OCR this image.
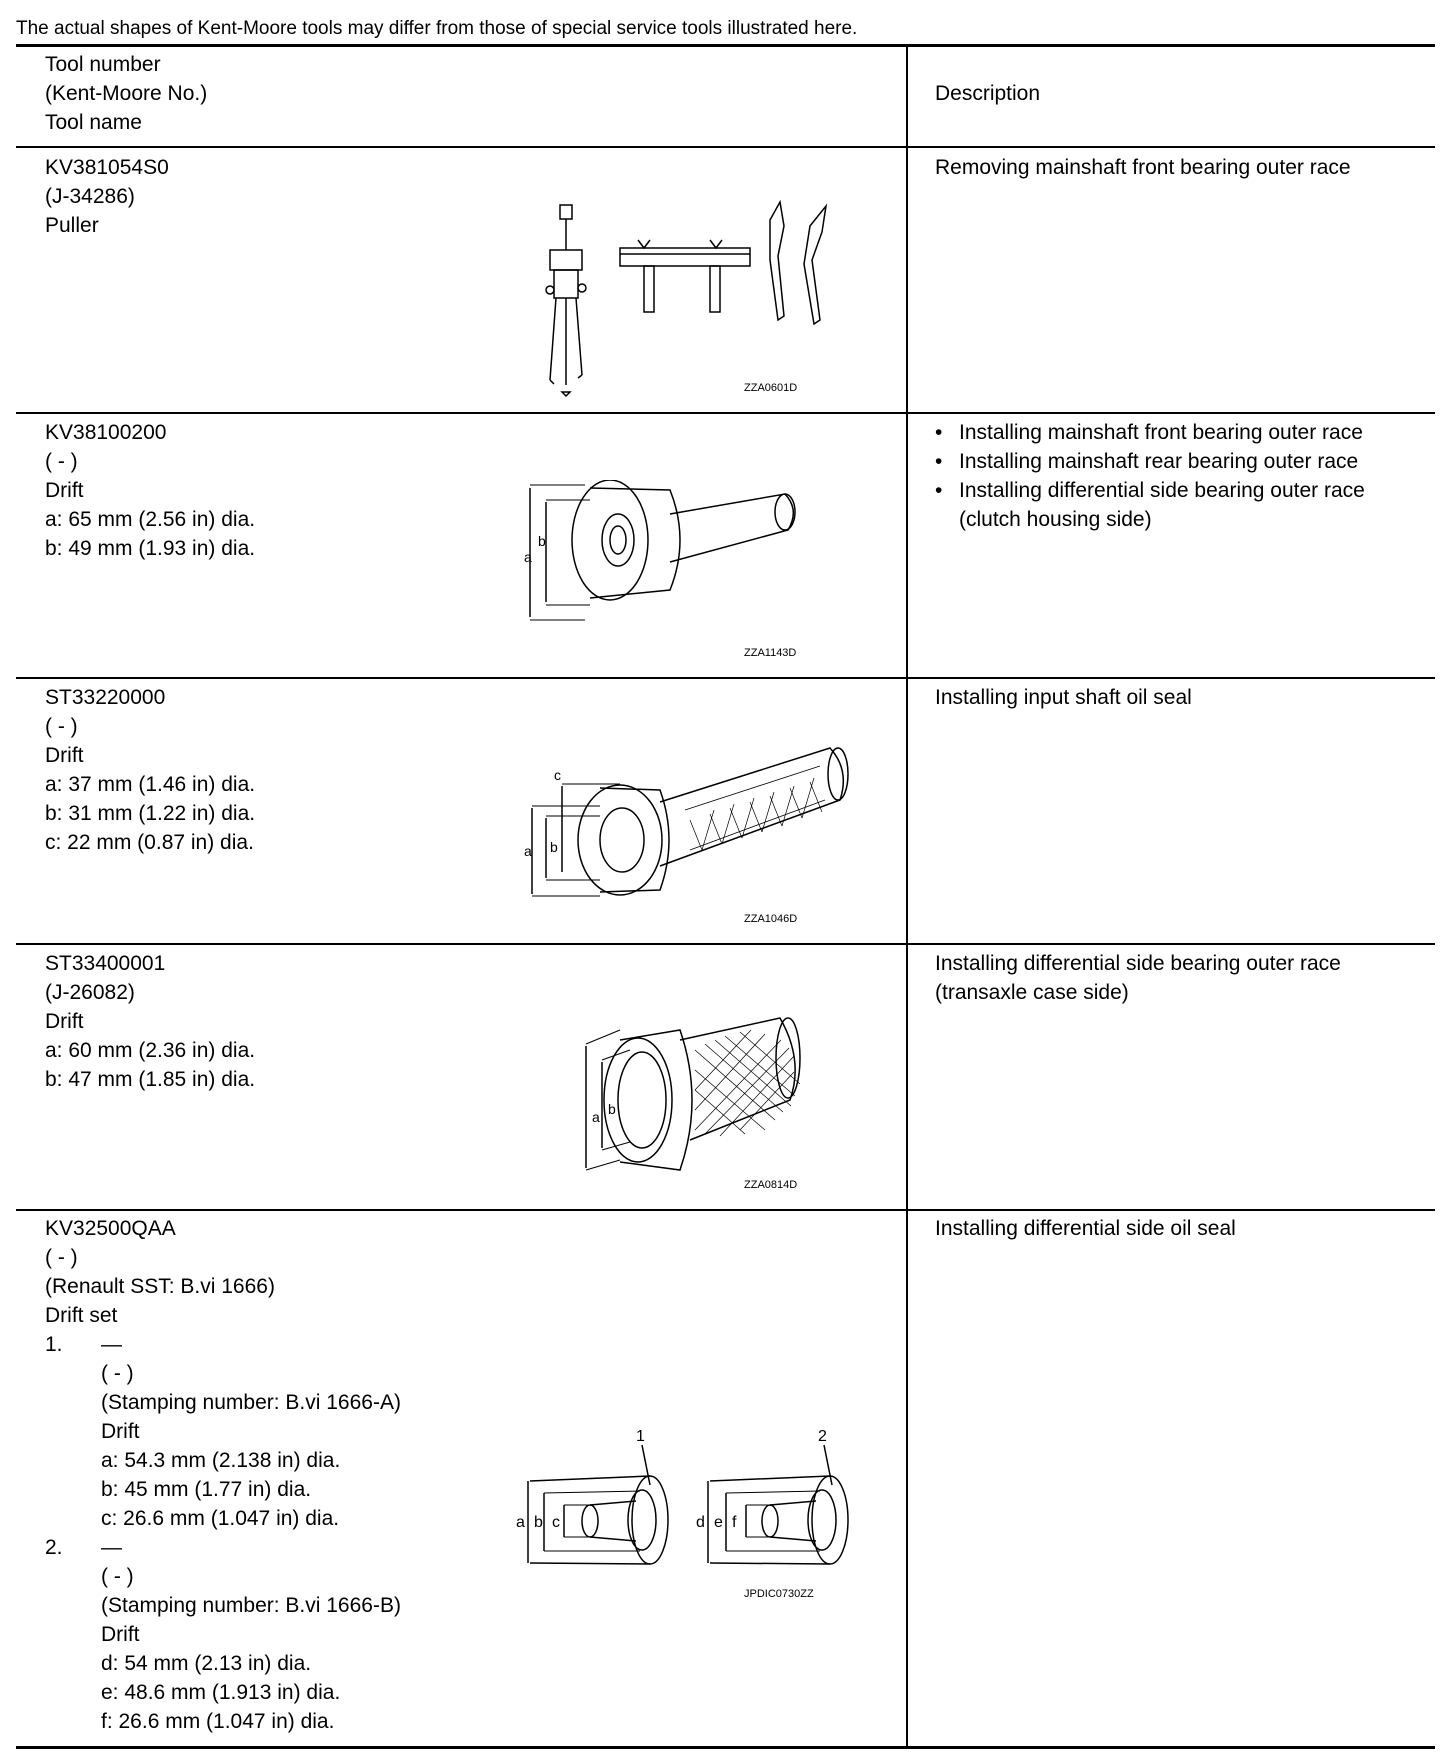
The actual shapes of Kent-Moore tools may differ from those of special service tools illustrated here.
Tool number
(Kent-Moore No.)
Tool name
Description
KV381054S0
(J-34286)
Puller
Removing mainshaft front bearing outer race
ZZA0601D
KV38100200
( - )
Drift
a: 65 mm (2.56 in) dia.
b: 49 mm (1.93 in) dia.
• Installing mainshaft front bearing outer race
• Installing mainshaft rear bearing outer race
• Installing differential side bearing outer race
(clutch housing side)
a
b
ZZA1143D
ST33220000
( - )
Drift
a: 37 mm (1.46 in) dia.
b: 31 mm (1.22 in) dia.
c: 22 mm (0.87 in) dia.
Installing input shaft oil seal
c
a b
ZZA1046D
ST33400001
(J-26082)
Drift
a: 60 mm (2.36 in) dia.
b: 47 mm (1.85 in) dia.
Installing differential side bearing outer race
(transaxle case side)
a b
ZZA0814D
KV32500QAA
( - )
(Renault SST: B.vi 1666)
Drift set
1. —
( - )
(Stamping number: B.vi 1666-A)
Drift
a: 54.3 mm (2.138 in) dia.
b: 45 mm (1.77 in) dia.
c: 26.6 mm (1.047 in) dia.
2. —
( - )
(Stamping number: B.vi 1666-B)
Drift
d: 54 mm (2.13 in) dia.
e: 48.6 mm (1.913 in) dia.
f: 26.6 mm (1.047 in) dia.
Installing differential side oil seal
a b c
1
d e f
2
JPDIC0730ZZ
